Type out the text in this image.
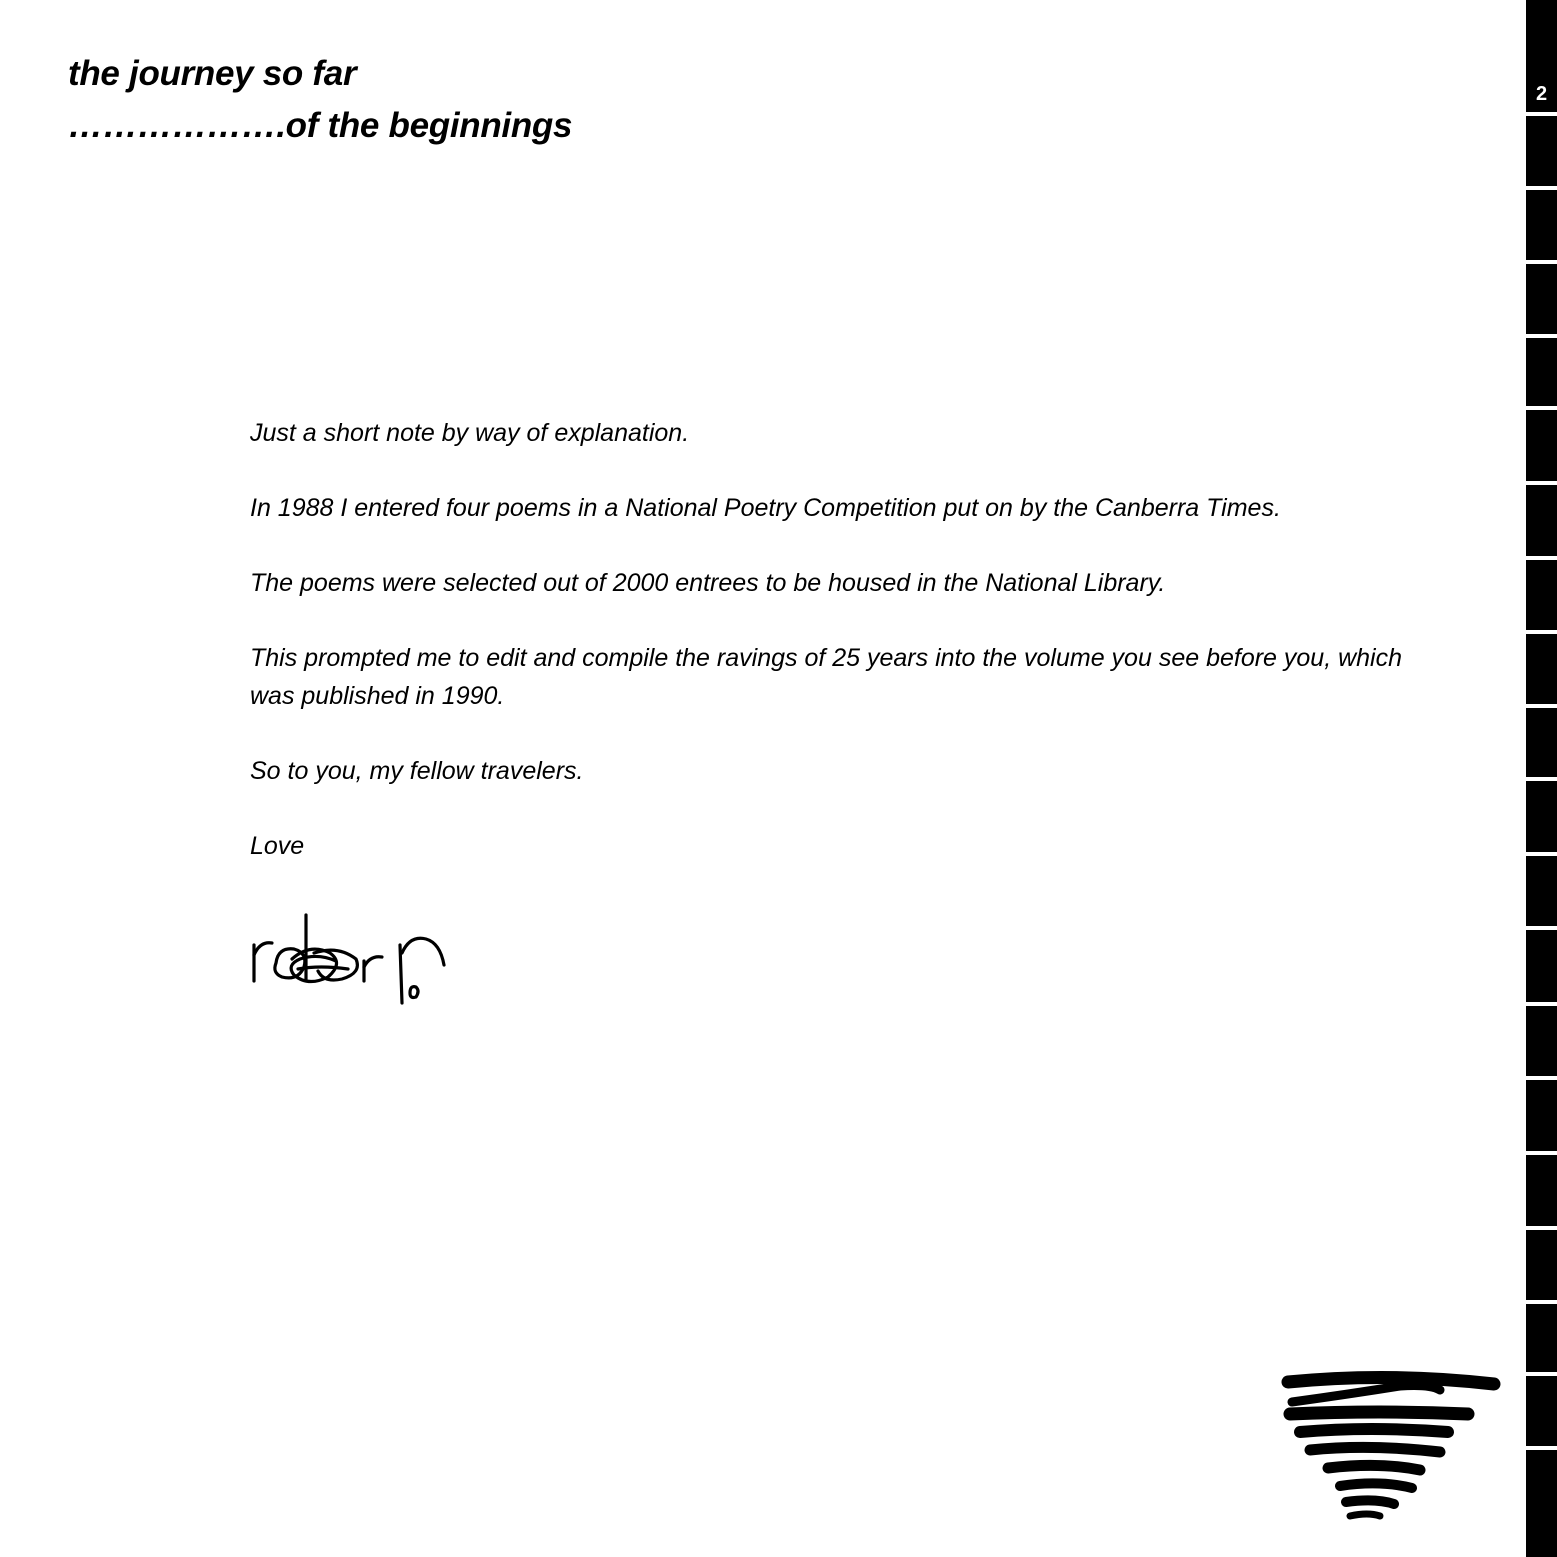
the journey so far
……………….of the beginnings

Just a short note by way of explanation.

In 1988 I entered four poems in a National Poetry Competition put on by the Canberra Times.

The poems were selected out of 2000 entrees to be housed in the National Library.

This prompted me to edit and compile the ravings of 25 years into the volume you see before you, which was published in 1990.

So to you, my fellow travelers.

Love

2
